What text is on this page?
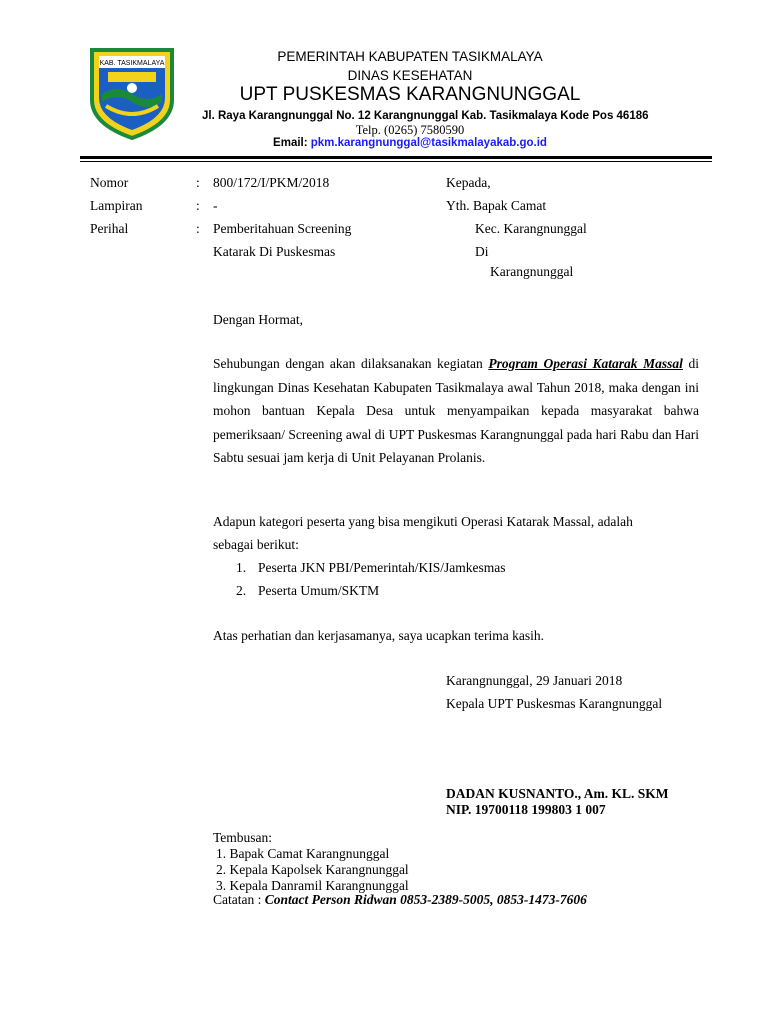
KAB. TASIKMALAYA	PEMERINTAH KABUPATEN TASIKMALAYA
DINAS KESEHATAN
UPT PUSKESMAS KARANGNUNGGAL
Jl. Raya Karangnunggal No. 12 Karangnunggal Kab. Tasikmalaya Kode Pos 46186
Telp. (0265) 7580590
Email: pkm.karangnunggal@tasikmalayakab.go.id
Nomor	: 800/172/I/PKM/2018
Lampiran	: -
Perihal	: Pemberitahuan Screening
Katarak Di Puskesmas
Kepada,
Yth. Bapak Camat
Kec. Karangnunggal
Di
Karangnunggal
Dengan Hormat,
Sehubungan dengan akan dilaksanakan kegiatan Program Operasi Katarak Massal di lingkungan Dinas Kesehatan Kabupaten Tasikmalaya awal Tahun 2018, maka dengan ini mohon bantuan Kepala Desa untuk menyampaikan kepada masyarakat bahwa pemeriksaan/ Screening awal di UPT Puskesmas Karangnunggal pada hari Rabu dan Hari Sabtu sesuai jam kerja di Unit Pelayanan Prolanis.
Adapun kategori peserta yang bisa mengikuti Operasi Katarak Massal, adalah
sebagai berikut:
1. Peserta JKN PBI/Pemerintah/KIS/Jamkesmas
2. Peserta Umum/SKTM
Atas perhatian dan kerjasamanya, saya ucapkan terima kasih.
Karangnunggal, 29 Januari 2018
Kepala UPT Puskesmas Karangnunggal
DADAN KUSNANTO., Am. KL. SKM
NIP. 19700118 199803 1 007
Tembusan:
1. Bapak Camat Karangnunggal
2. Kepala Kapolsek Karangnunggal
3. Kepala Danramil Karangnunggal
Catatan : Contact Person Ridwan 0853-2389-5005, 0853-1473-7606
